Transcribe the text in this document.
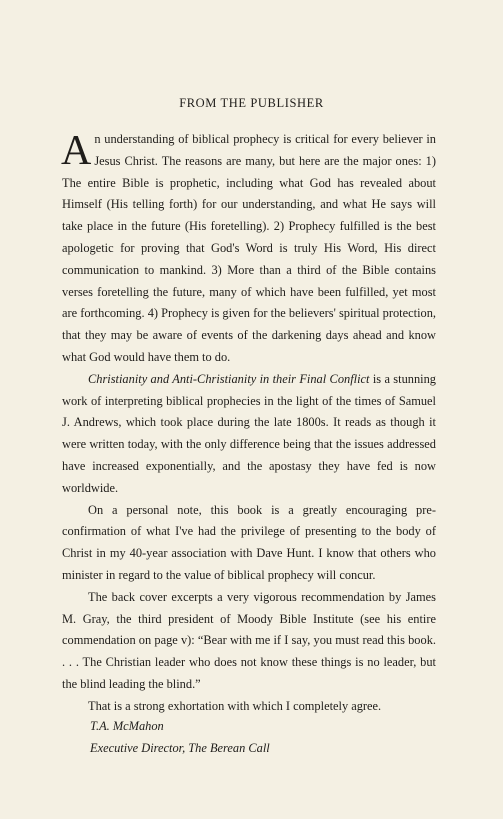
FROM THE PUBLISHER

An understanding of biblical prophecy is critical for every believer in Jesus Christ. The reasons are many, but here are the major ones: 1) The entire Bible is prophetic, including what God has revealed about Himself (His telling forth) for our understanding, and what He says will take place in the future (His foretelling). 2) Prophecy fulfilled is the best apologetic for proving that God's Word is truly His Word, His direct communication to mankind. 3) More than a third of the Bible contains verses foretelling the future, many of which have been fulfilled, yet most are forthcoming. 4) Prophecy is given for the believers' spiritual protection, that they may be aware of events of the darkening days ahead and know what God would have them to do.

Christianity and Anti-Christianity in their Final Conflict is a stunning work of interpreting biblical prophecies in the light of the times of Samuel J. Andrews, which took place during the late 1800s. It reads as though it were written today, with the only difference being that the issues addressed have increased exponentially, and the apostasy they have fed is now worldwide.

On a personal note, this book is a greatly encouraging pre-confirmation of what I've had the privilege of presenting to the body of Christ in my 40-year association with Dave Hunt. I know that others who minister in regard to the value of biblical prophecy will concur.

The back cover excerpts a very vigorous recommendation by James M. Gray, the third president of Moody Bible Institute (see his entire commendation on page v): “Bear with me if I say, you must read this book. . . . The Christian leader who does not know these things is no leader, but the blind leading the blind.”

That is a strong exhortation with which I completely agree.

T.A. McMahon
Executive Director, The Berean Call
